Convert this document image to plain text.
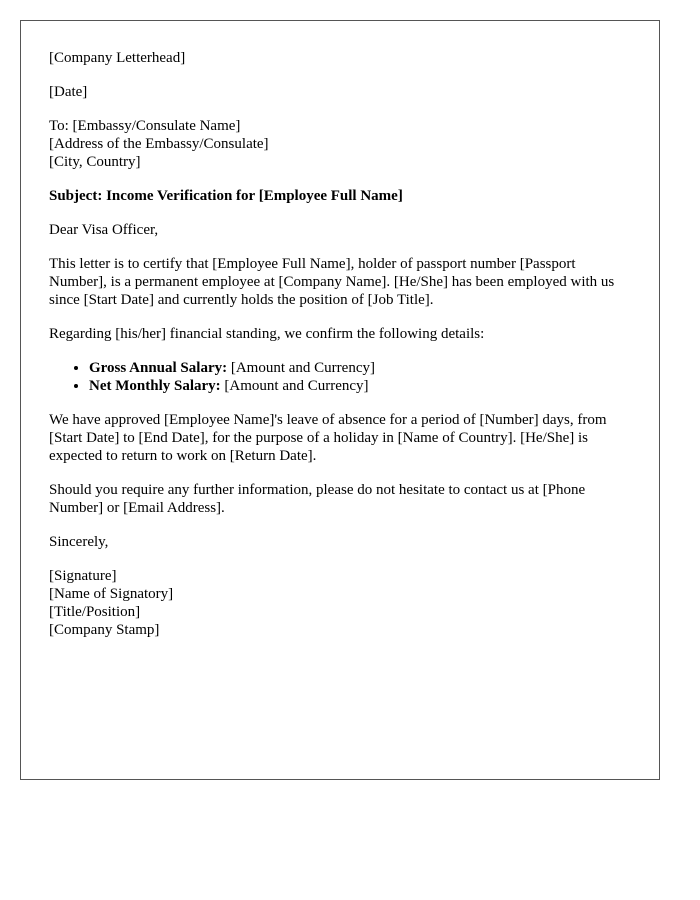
[Company Letterhead]

[Date]

To: [Embassy/Consulate Name]
[Address of the Embassy/Consulate]
[City, Country]

Subject: Income Verification for [Employee Full Name]

Dear Visa Officer,

This letter is to certify that [Employee Full Name], holder of passport number [Passport Number], is a permanent employee at [Company Name]. [He/She] has been employed with us since [Start Date] and currently holds the position of [Job Title].

Regarding [his/her] financial standing, we confirm the following details:

• Gross Annual Salary: [Amount and Currency]
• Net Monthly Salary: [Amount and Currency]

We have approved [Employee Name]'s leave of absence for a period of [Number] days, from [Start Date] to [End Date], for the purpose of a holiday in [Name of Country]. [He/She] is expected to return to work on [Return Date].

Should you require any further information, please do not hesitate to contact us at [Phone Number] or [Email Address].

Sincerely,

[Signature]
[Name of Signatory]
[Title/Position]
[Company Stamp]
